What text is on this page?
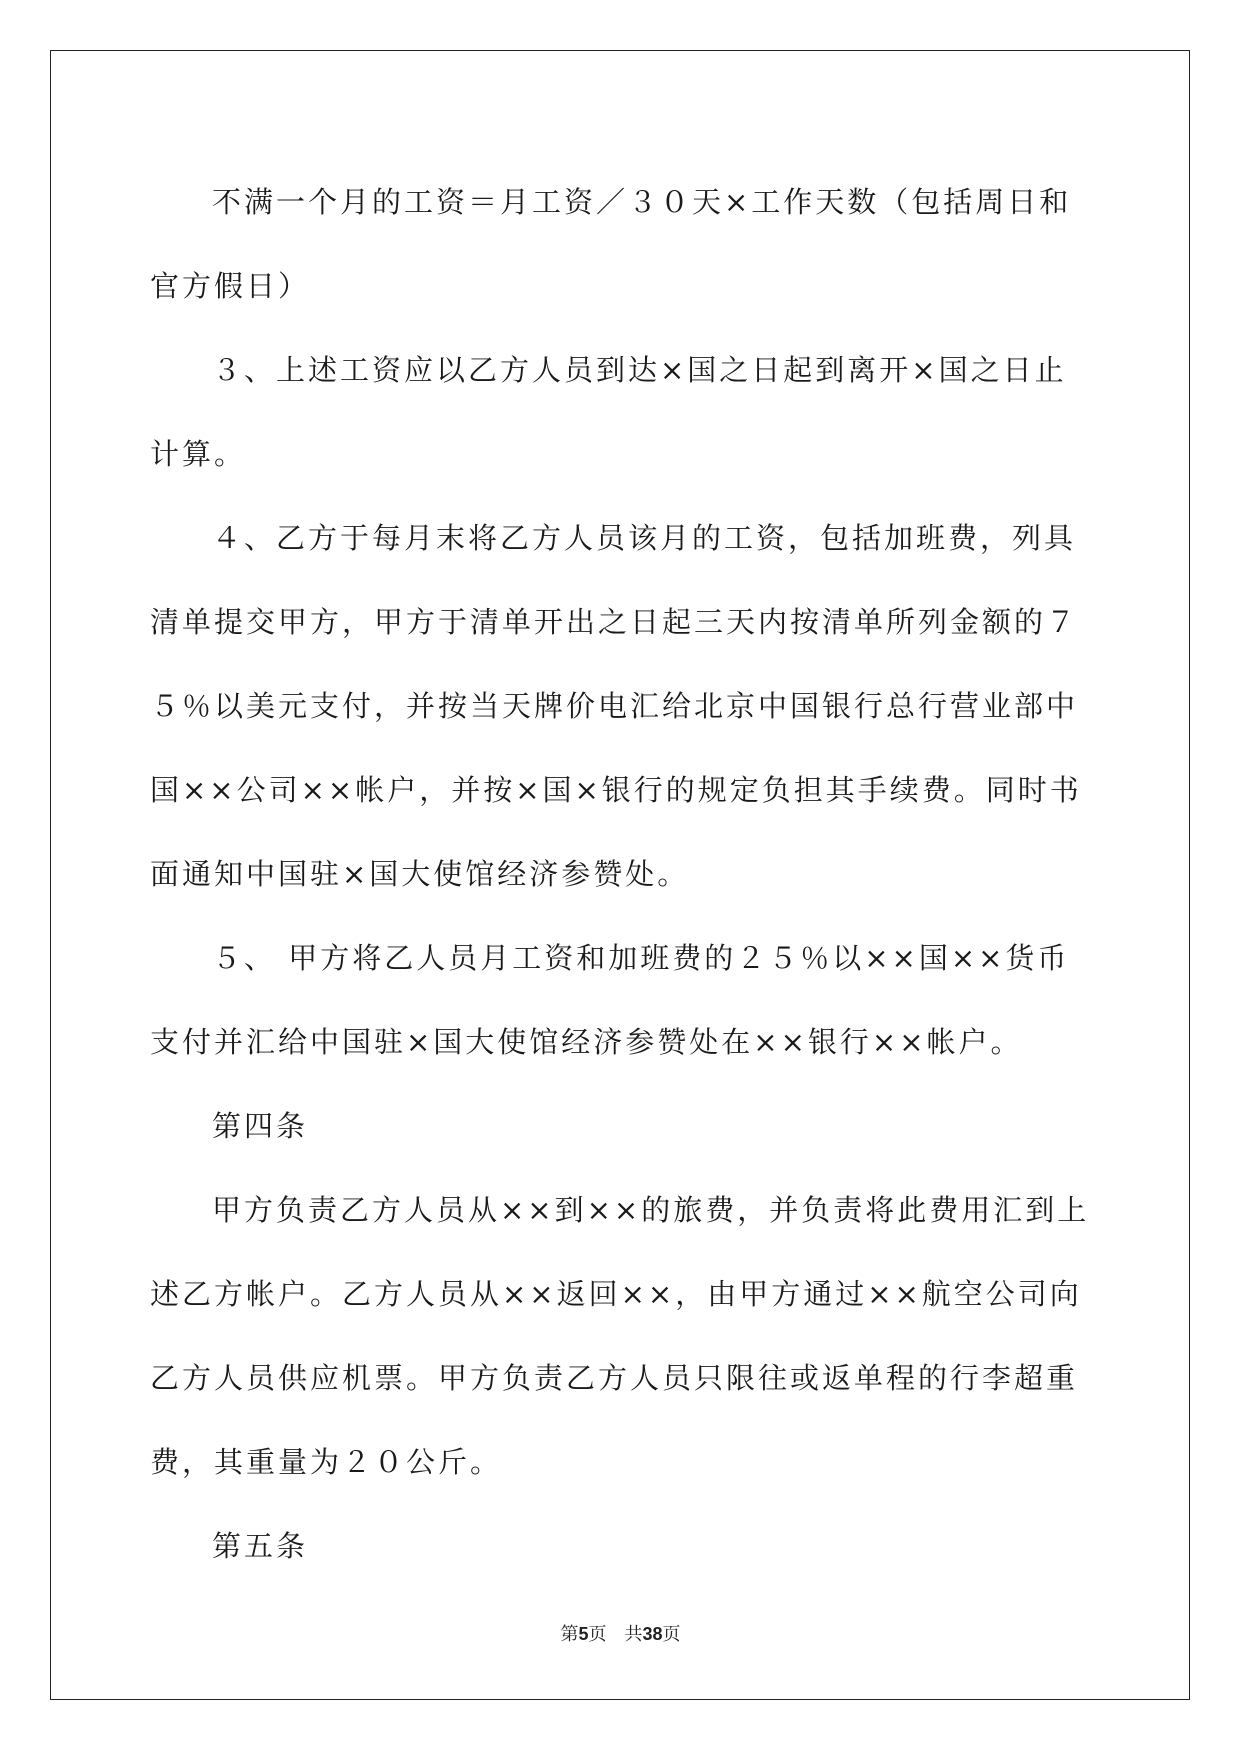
不满一个月的工资＝月工资／３０天×工作天数（包括周日和官方假日）

３、上述工资应以乙方人员到达×国之日起到离开×国之日止计算。

４、乙方于每月末将乙方人员该月的工资，包括加班费，列具清单提交甲方，甲方于清单开出之日起三天内按清单所列金额的７５％以美元支付，并按当天牌价电汇给北京中国银行总行营业部中国××公司××帐户，并按×国×银行的规定负担其手续费。同时书面通知中国驻×国大使馆经济参赞处。

５、 甲方将乙人员月工资和加班费的２５％以××国××货币支付并汇给中国驻×国大使馆经济参赞处在××银行××帐户。

第四条

甲方负责乙方人员从××到××的旅费，并负责将此费用汇到上述乙方帐户。乙方人员从××返回××，由甲方通过××航空公司向乙方人员供应机票。甲方负责乙方人员只限往或返单程的行李超重费，其重量为２０公斤。

第五条

第5页 共38页
